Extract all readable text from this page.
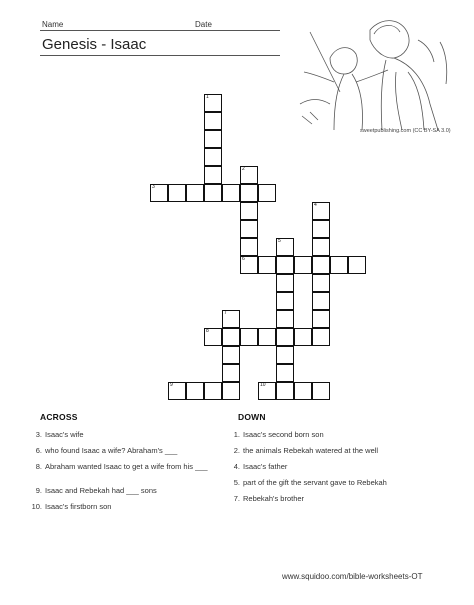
Name	Date
Genesis - Isaac
sweetpublishing.com (CC BY-SA 3.0)
1
2
3
4
5
6
7
8
9	10
ACROSS
3. Isaac's wife
6. who found Isaac a wife? Abraham's ___
8. Abraham wanted Isaac to get a wife from his ___
9. Isaac and Rebekah had ___ sons
10. Isaac's firstborn son
DOWN
1. Isaac's second born son
2. the animals Rebekah watered at the well
4. Isaac's father
5. part of the gift the servant gave to Rebekah
7. Rebekah's brother
www.squidoo.com/bible-worksheets-OT
